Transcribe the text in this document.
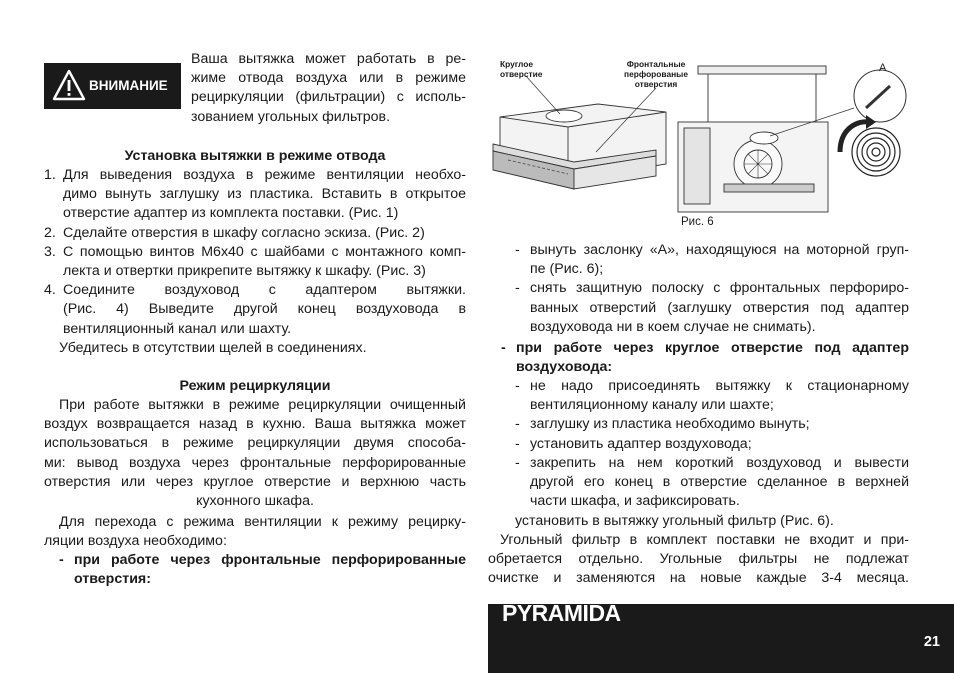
ВНИМАНИЕ
Ваша вытяжка может работать в ре-
жиме отвода воздуха или в режиме
рециркуляции (фильтрации) с исполь-
зованием угольных фильтров.
Установка вытяжки в режиме отвода
1. Для выведения воздуха в режиме вентиляции необхо-
димо вынуть заглушку из пластика. Вставить в открытое
отверстие адаптер из комплекта поставки. (Рис. 1)
2. Сделайте отверстия в шкафу согласно эскиза. (Рис. 2)
3. С помощью винтов М6х40 с шайбами с монтажного комп-
лекта и отвертки прикрепите вытяжку к шкафу. (Рис. 3)
4. Соедините воздуховод с адаптером вытяжки.
(Рис. 4) Выведите другой конец воздуховода в
вентиляционный канал или шахту.
Убедитесь в отсутствии щелей в соединениях.
Режим рециркуляции
При работе вытяжки в режиме рециркуляции очищенный
воздух возвращается назад в кухню. Ваша вытяжка может
использоваться в режиме рециркуляции двумя способа-
ми: вывод воздуха через фронтальные перфорированные
отверстия или через круглое отверстие и верхнюю часть
кухонного шкафа.
Для перехода с режима вентиляции к режиму рецирку-
ляции воздуха необходимо:
- при работе через фронтальные перфорированные
отверстия:
Круглое
отверстие
Фронтальные
перфорованые
отверстия
A
Рис. 6
- вынуть заслонку «А», находящуюся на моторной груп-
пе (Рис. 6);
- снять защитную полоску с фронтальных перфориро-
ванных отверстий (заглушку отверстия под адаптер
воздуховода ни в коем случае не снимать).
- при работе через круглое отверстие под адаптер
воздуховода:
- не надо присоединять вытяжку к стационарному
вентиляционному каналу или шахте;
- заглушку из пластика необходимо вынуть;
- установить адаптер воздуховода;
- закрепить на нем короткий воздуховод и вывести
другой его конец в отверстие сделанное в верхней
части шкафа, и зафиксировать.
установить в вытяжку угольный фильтр (Рис. 6).
Угольный фильтр в комплект поставки не входит и при-
обретается отдельно. Угольные фильтры не подлежат
очистке и заменяются на новые каждые 3-4 месяца.
PYRAMIDA
21
